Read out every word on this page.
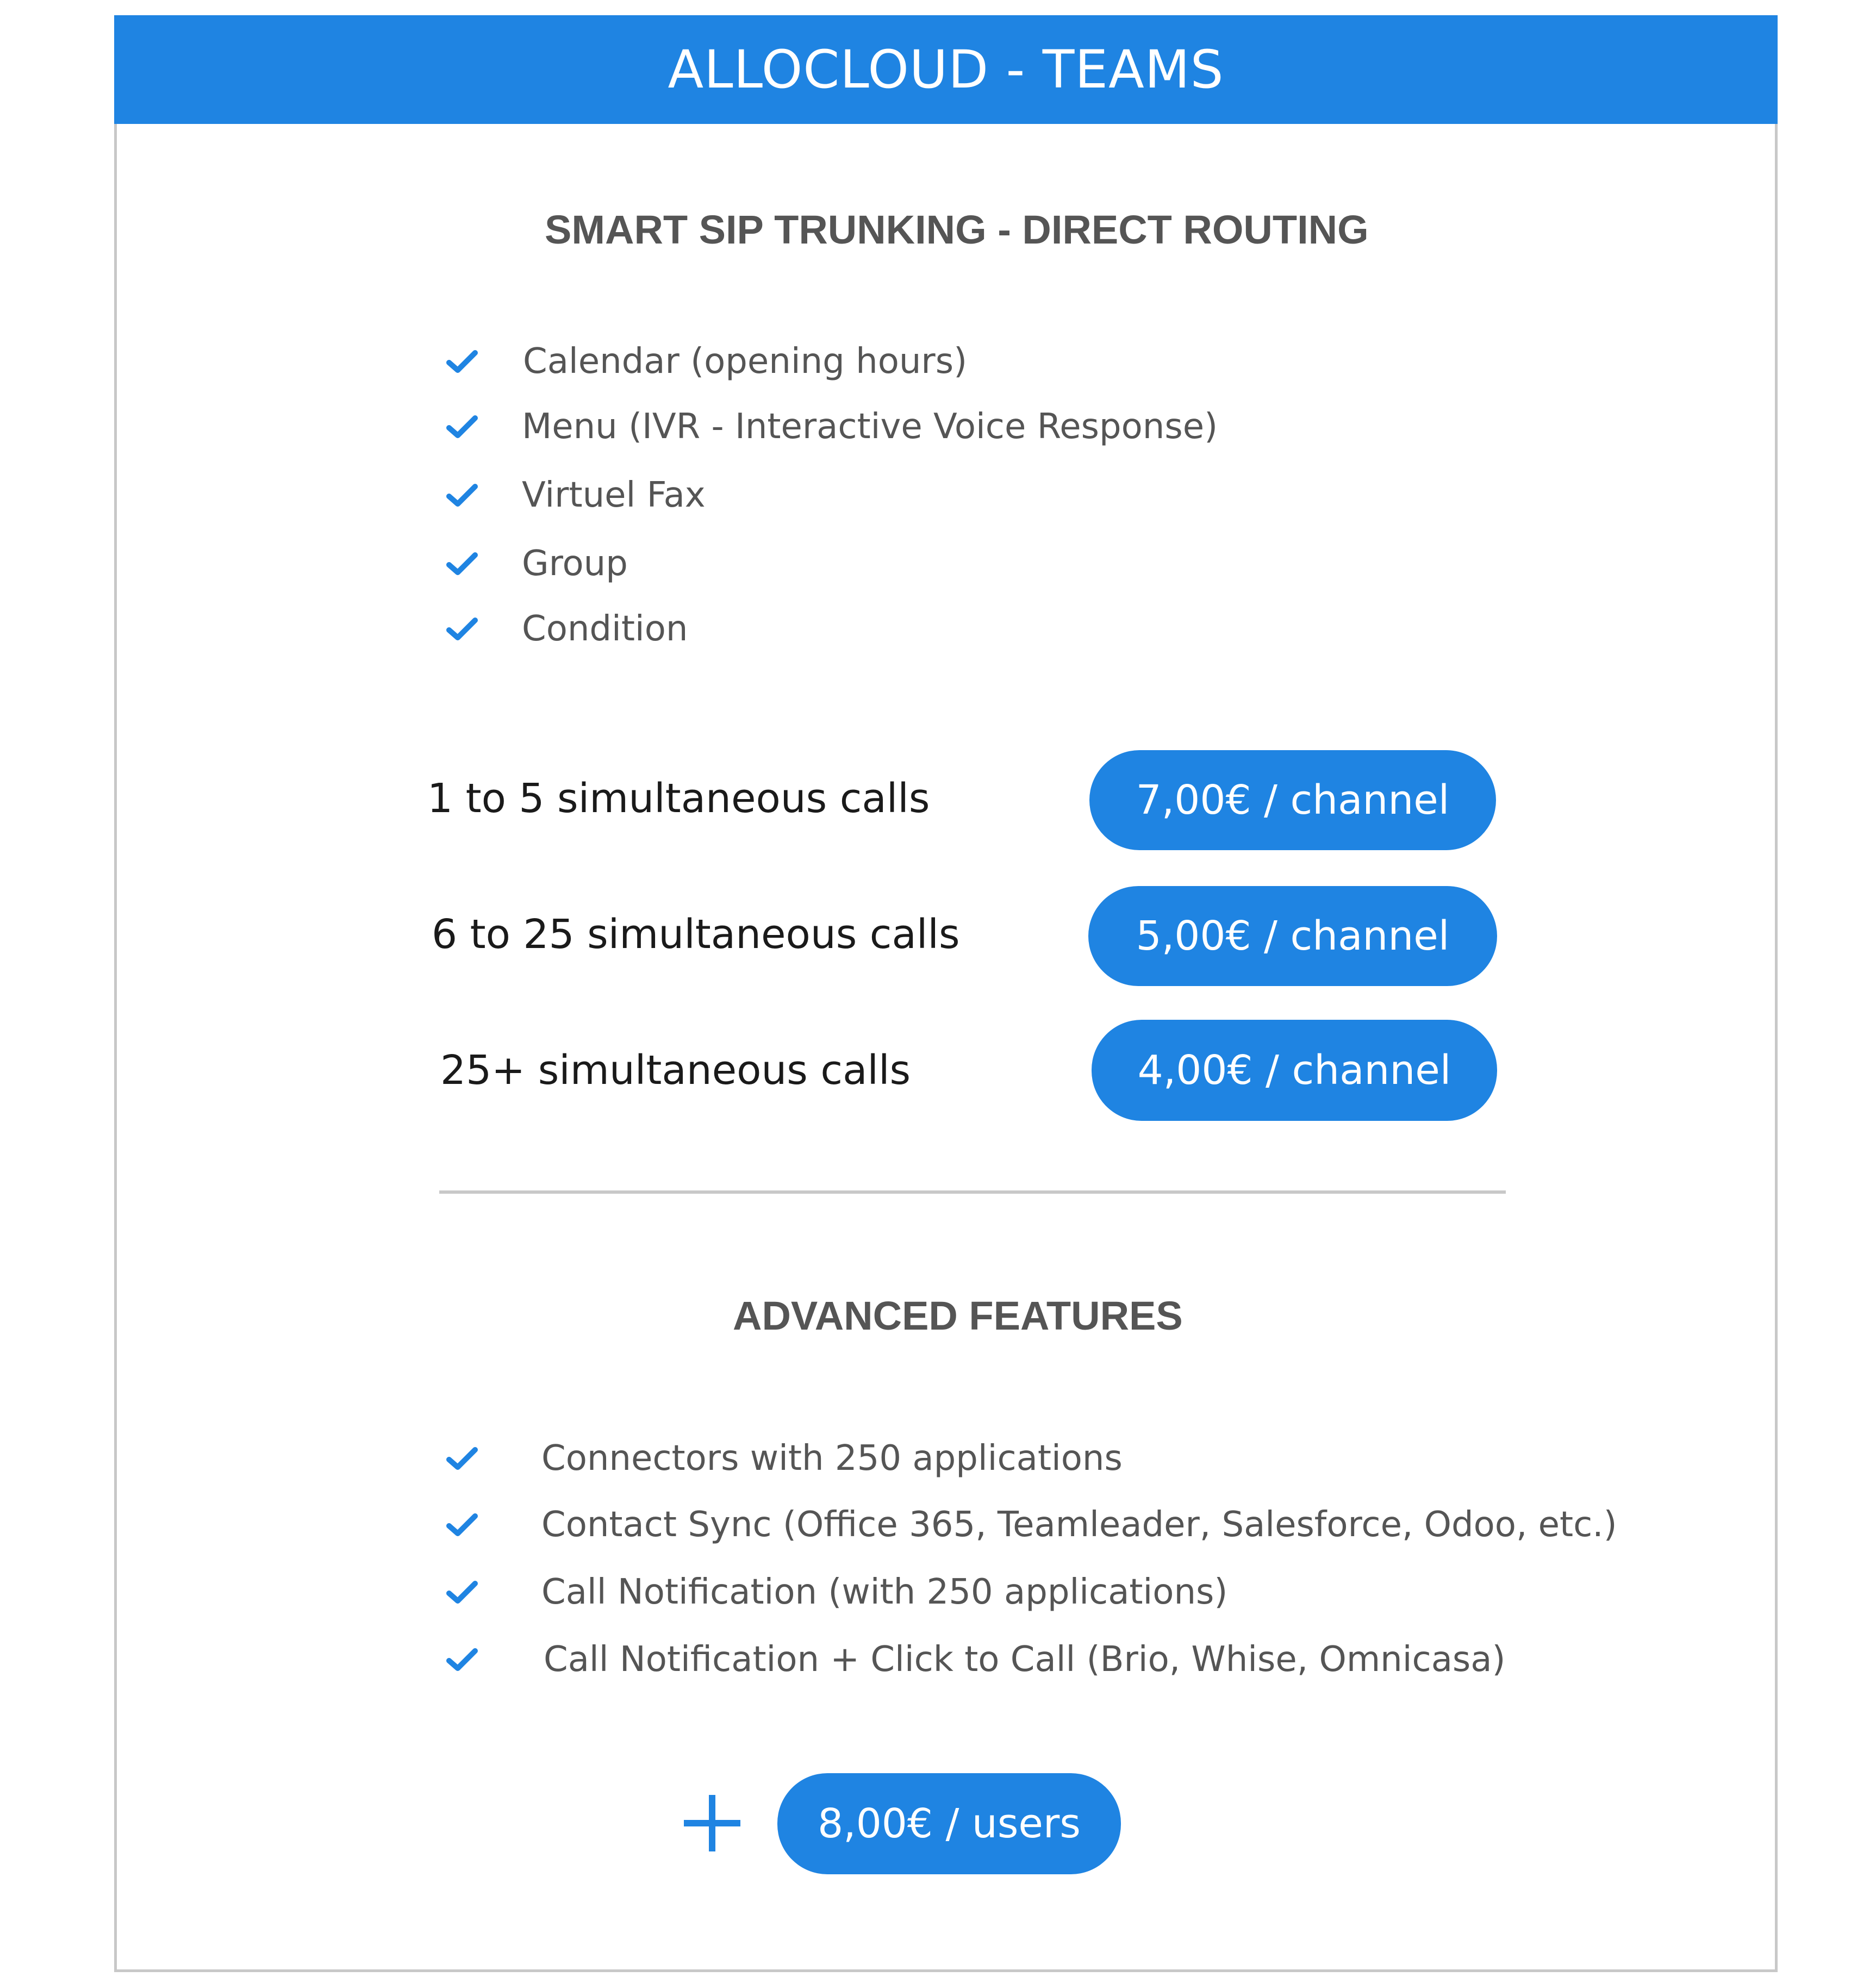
ALLOCLOUD - TEAMS
SMART SIP TRUNKING - DIRECT ROUTING
Calendar (opening hours)
Menu (IVR - Interactive Voice Response)
Virtuel Fax
Group
Condition
1 to 5 simultaneous calls	7,00€ / channel
6 to 25 simultaneous calls	5,00€ / channel
25+ simultaneous calls	4,00€ / channel
ADVANCED FEATURES
Connectors with 250 applications
Contact Sync (Office 365, Teamleader, Salesforce, Odoo, etc.)
Call Notification (with 250 applications)
Call Notification + Click to Call (Brio, Whise, Omnicasa)
8,00€ / users
